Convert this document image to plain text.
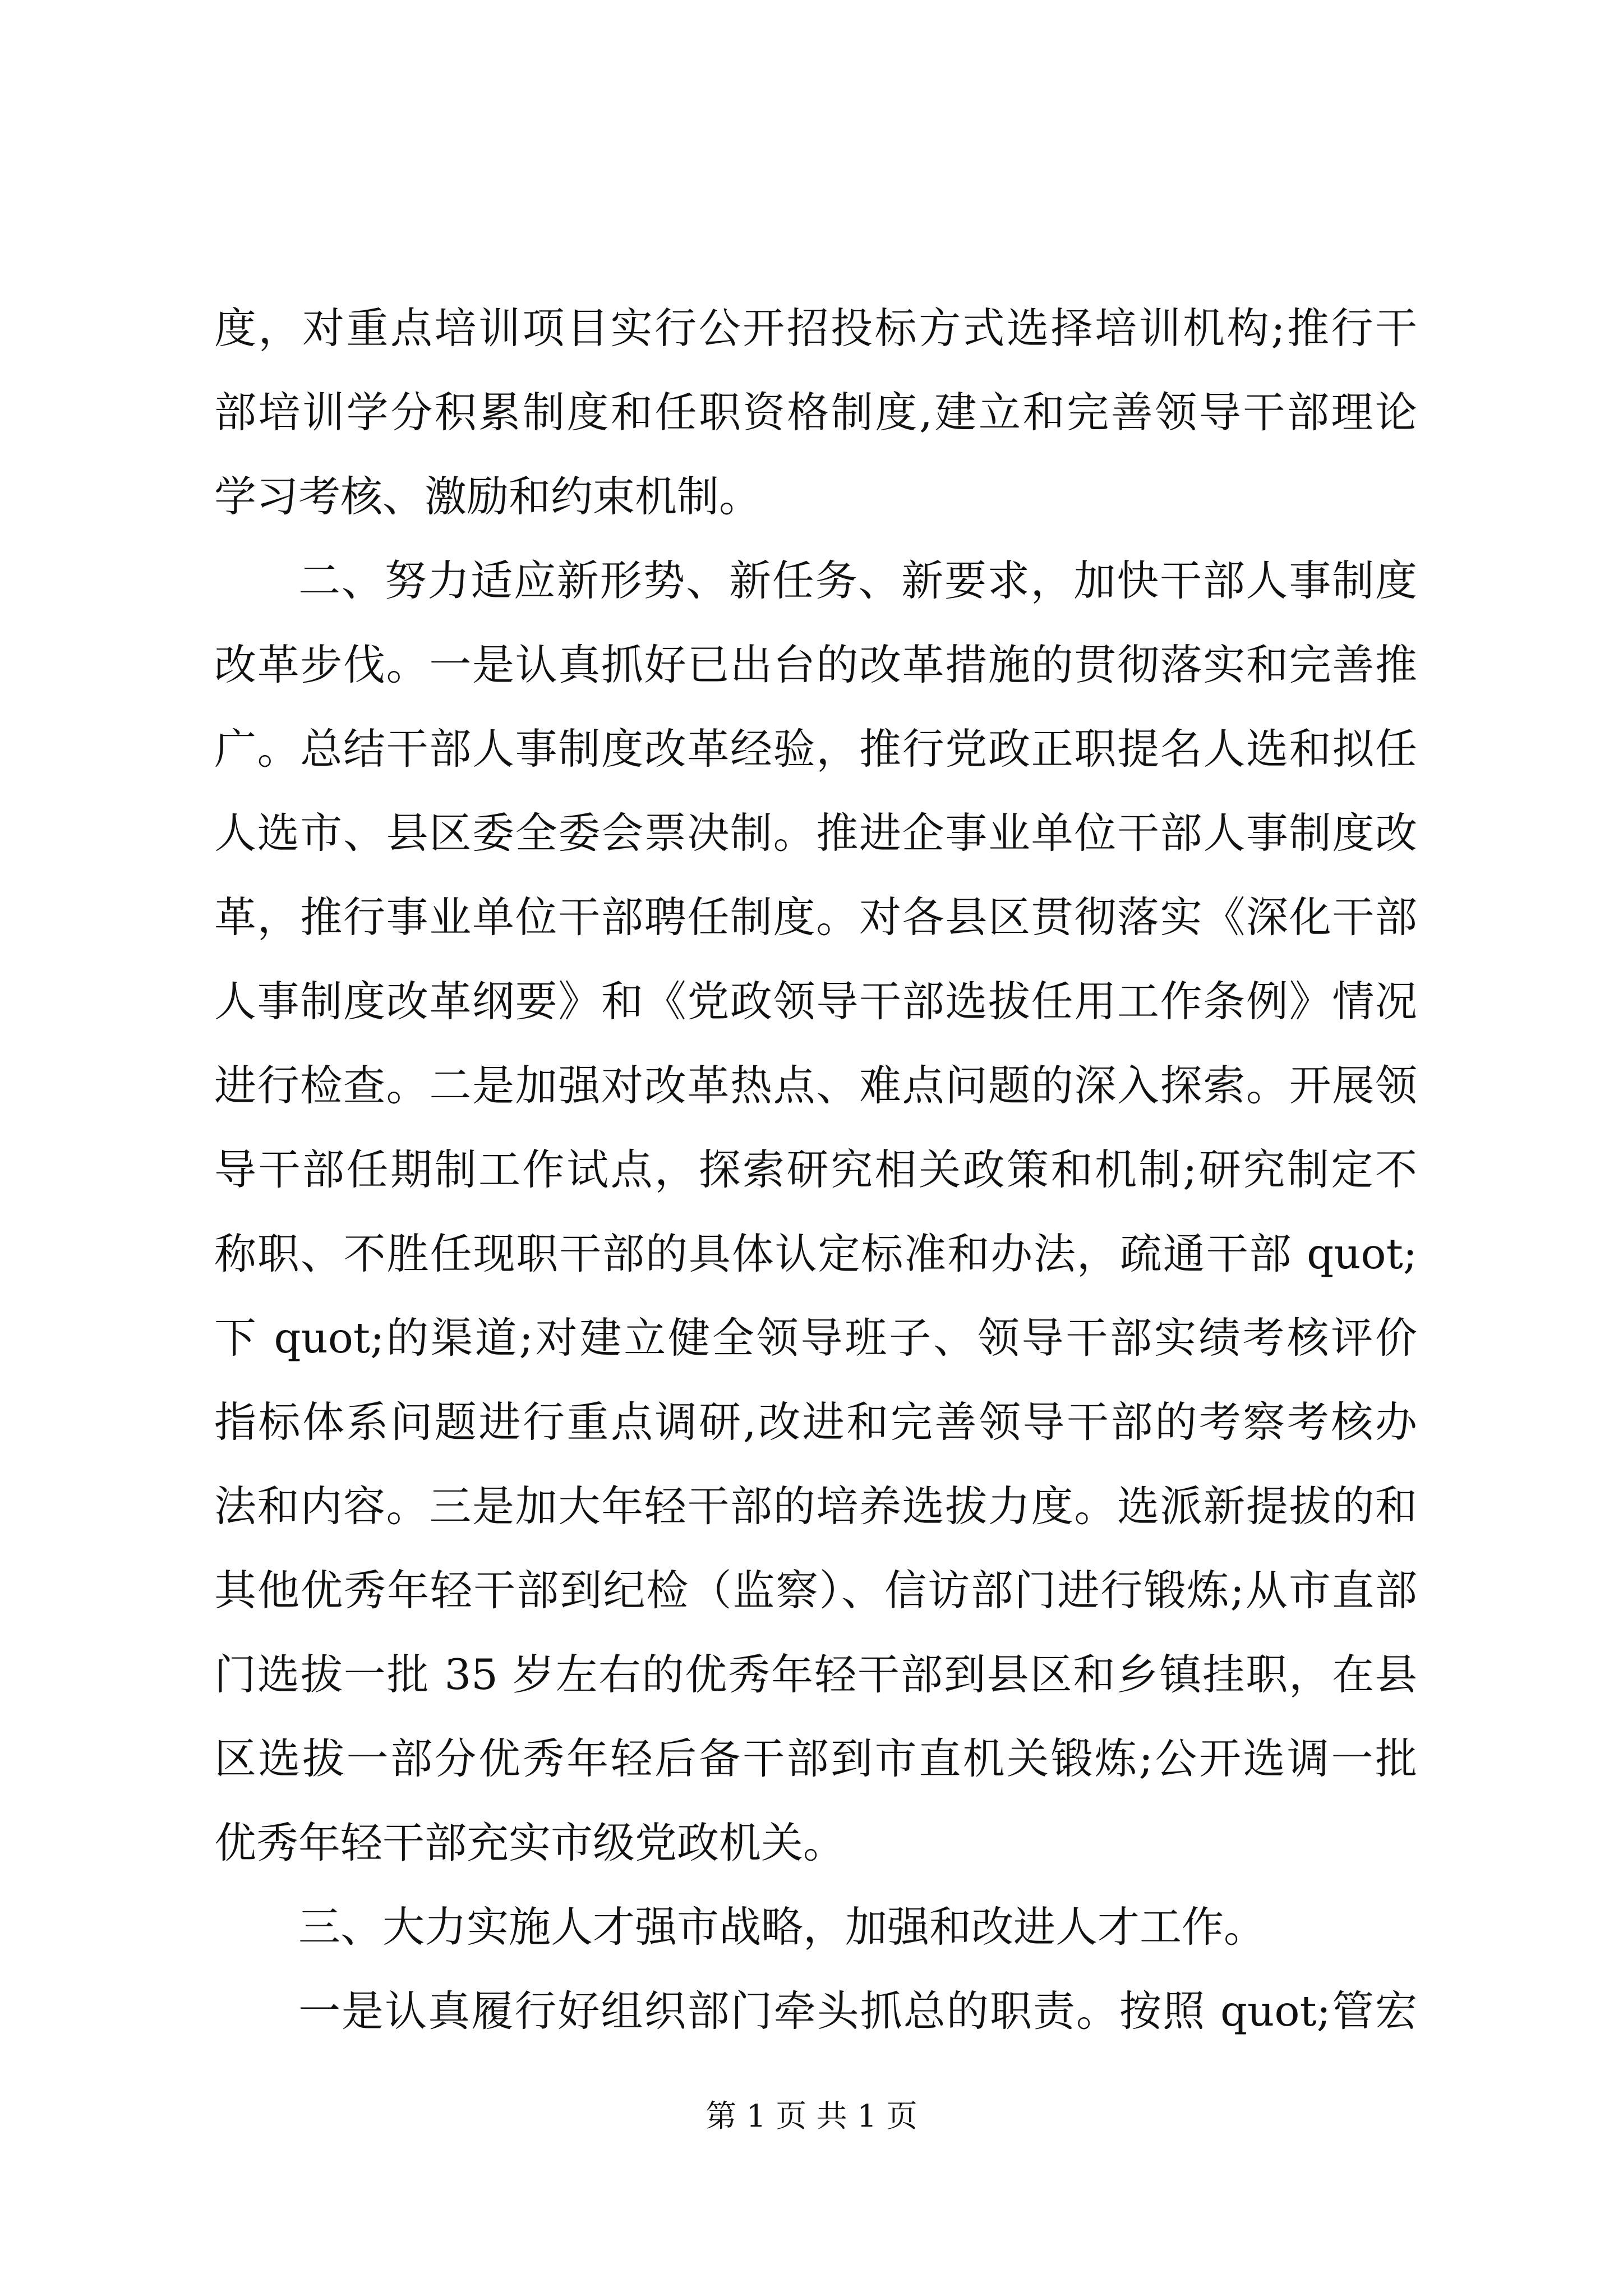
度，对重点培训项目实行公开招投标方式选择培训机构;推行干
部培训学分积累制度和任职资格制度,建立和完善领导干部理论
学习考核、激励和约束机制。
二、努力适应新形势、新任务、新要求，加快干部人事制度
改革步伐。一是认真抓好已出台的改革措施的贯彻落实和完善推
广。总结干部人事制度改革经验，推行党政正职提名人选和拟任
人选市、县区委全委会票决制。推进企事业单位干部人事制度改
革，推行事业单位干部聘任制度。对各县区贯彻落实《深化干部
人事制度改革纲要》和《党政领导干部选拔任用工作条例》情况
进行检查。二是加强对改革热点、难点问题的深入探索。开展领
导干部任期制工作试点，探索研究相关政策和机制;研究制定不
称职、不胜任现职干部的具体认定标准和办法，疏通干部 quot;
下 quot;的渠道;对建立健全领导班子、领导干部实绩考核评价
指标体系问题进行重点调研,改进和完善领导干部的考察考核办
法和内容。三是加大年轻干部的培养选拔力度。选派新提拔的和
其他优秀年轻干部到纪检（监察）、信访部门进行锻炼;从市直部
门选拔一批 35 岁左右的优秀年轻干部到县区和乡镇挂职，在县
区选拔一部分优秀年轻后备干部到市直机关锻炼;公开选调一批
优秀年轻干部充实市级党政机关。
三、大力实施人才强市战略，加强和改进人才工作。
一是认真履行好组织部门牵头抓总的职责。按照 quot;管宏
第 1 页 共 1 页
